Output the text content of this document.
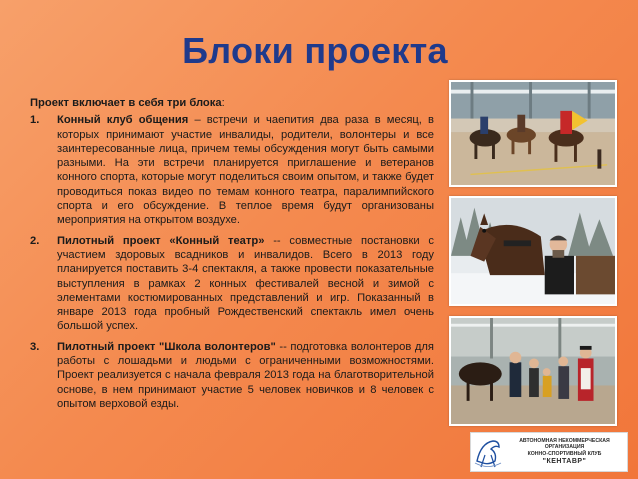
Блоки проекта

Проект включает в себя три блока:

1. Конный клуб общения – встречи и чаепития два раза в месяц, в которых принимают участие инвалиды, родители, волонтеры и все заинтересованные лица, причем темы обсуждения могут быть самыми разными. На эти встречи планируется приглашение и ветеранов конного спорта, которые могут поделиться своим опытом, и также будет проводиться показ видео по темам конного театра, паралимпийского спорта и его обсуждение. В теплое время будут организованы мероприятия на открытом воздухе.
2. Пилотный проект «Конный театр» -- совместные постановки с участием здоровых всадников и инвалидов. Всего в 2013 году планируется поставить 3-4 спектакля, а также провести показательные выступления в рамках 2 конных фестивалей весной и зимой с элементами костюмированных представлений и игр. Показанный в январе 2013 года пробный Рождественский спектакль имел очень большой успех.
3. Пилотный проект "Школа волонтеров" -- подготовка волонтеров для работы с лошадьми и людьми с ограниченными возможностями. Проект реализуется с начала февраля 2013 года на благотворительной основе, в нем принимают участие 5 человек новичков и 8 человек с опытом верховой езды.
АВТОНОМНАЯ НЕКОММЕРЧЕСКАЯ ОРГАНИЗАЦИЯ
КОННО-СПОРТИВНЫЙ КЛУБ
"КЕНТАВР"
